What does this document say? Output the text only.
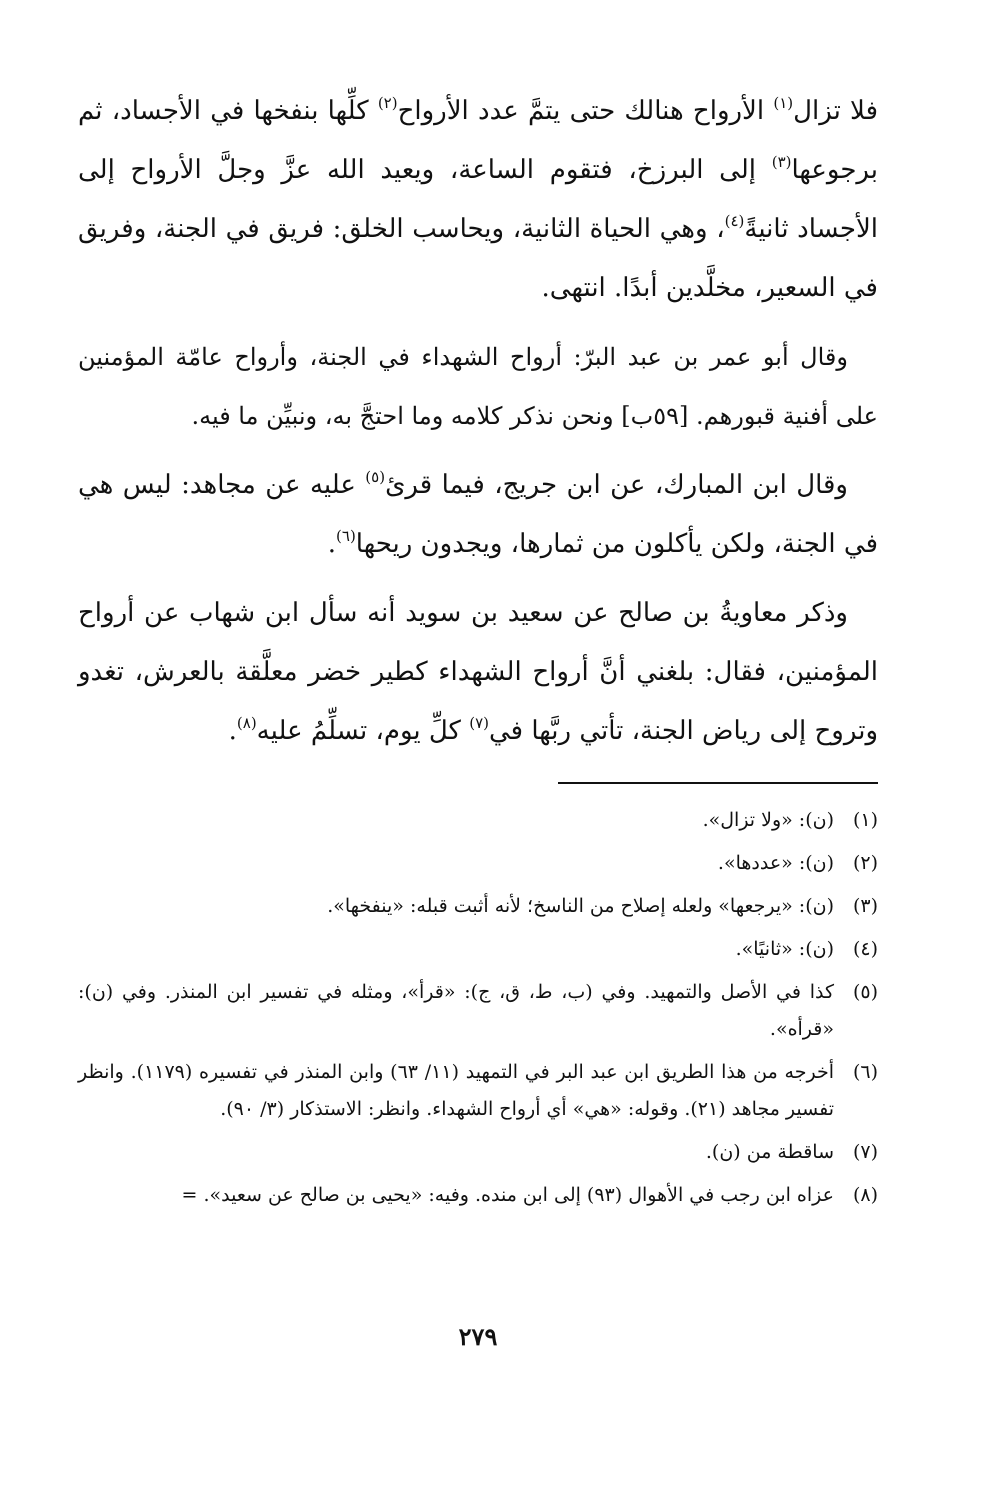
فلا تزال$^{(١)}$ الأرواح هنالك حتى يتمَّ عدد الأرواح$^{(٢)}$ كلِّها بنفخها في الأجساد، ثم برجوعها$^{(٣)}$ إلى البرزخ، فتقوم الساعة، ويعيد الله عزَّ وجلَّ الأرواح إلى الأجساد ثانيةً$^{(٤)}$، وهي الحياة الثانية، ويحاسب الخلق: فريق في الجنة، وفريق في السعير، مخلَّدين أبدًا. انتهى.

وقال أبو عمر بن عبد البرّ: أرواح الشهداء في الجنة، وأرواح عامّة المؤمنين على أفنية قبورهم. [٥٩ب] ونحن نذكر كلامه وما احتجَّ به، ونبيِّن ما فيه.

وقال ابن المبارك، عن ابن جريج، فيما قرئ$^{(٥)}$ عليه عن مجاهد: ليس هي في الجنة، ولكن يأكلون من ثمارها، ويجدون ريحها$^{(٦)}$.

وذكر معاويةُ بن صالح عن سعيد بن سويد أنه سأل ابن شهاب عن أرواح المؤمنين، فقال: بلغني أنَّ أرواح الشهداء كطير خضر معلَّقة بالعرش، تغدو وتروح إلى رياض الجنة، تأتي ربَّها في$^{(٧)}$ كلِّ يوم، تسلِّمُ عليه$^{(٨)}$.

(١)
(ن): «ولا تزال».
(٢)
(ن): «عددها».
(٣)
(ن): «يرجعها» ولعله إصلاح من الناسخ؛ لأنه أثبت قبله: «ينفخها».
(٤)
(ن): «ثانيًا».
(٥)
كذا في الأصل والتمهيد. وفي (ب، ط، ق، ج): «قرأ»، ومثله في تفسير ابن المنذر. وفي (ن): «قرأه».
(٦)
أخرجه من هذا الطريق ابن عبد البر في التمهيد (١١/ ٦٣) وابن المنذر في تفسيره (١١٧٩). وانظر تفسير مجاهد (٢١). وقوله: «هي» أي أرواح الشهداء. وانظر: الاستذكار (٣/ ٩٠).
(٧)
ساقطة من (ن).
(٨)
عزاه ابن رجب في الأهوال (٩٣) إلى ابن منده. وفيه: «يحيى بن صالح عن سعيد». =
٢٧٩
